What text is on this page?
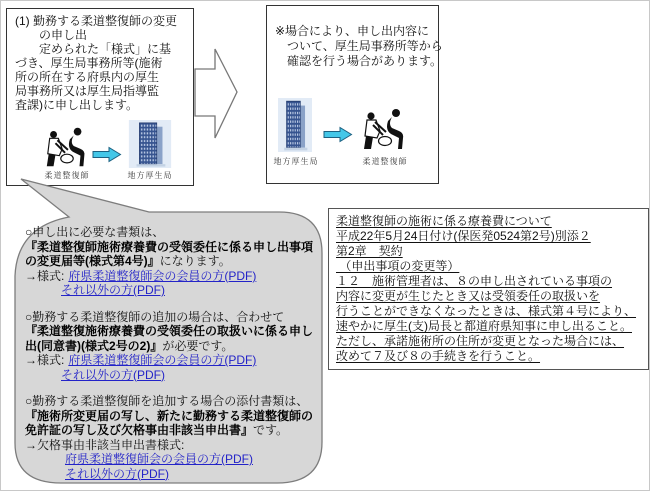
(1) 勤務する柔道整復師の変更
　　の申し出
　　定められた「様式」に基
づき、厚生局事務所等(施術
所の所在する府県内の厚生
局事務所又は厚生局指導監
査課)に申し出します。
柔道整復師	地方厚生局
※場合により、申し出内容に
　ついて、厚生局事務所等から
　確認を行う場合があります。
地方厚生局	柔道整復師
○申し出に必要な書類は、
『柔道整復師施術療養費の受領委任に係る申し出事項
の変更届等(様式第4号)』になります。
→様式: 府県柔道整復師会の会員の方(PDF)
それ以外の方(PDF)
○勤務する柔道整復師の追加の場合は、合わせて
『柔道整復施術療養費の受領委任の取扱いに係る申し
出(同意書)(様式2号の2)』が必要です。
→様式: 府県柔道整復師会の会員の方(PDF)
それ以外の方(PDF)
○勤務する柔道整復師を追加する場合の添付書類は、
『施術所変更届の写し、新たに勤務する柔道整復師の
免許証の写し及び欠格事由非該当申出書』です。
→欠格事由非該当申出書様式:
府県柔道整復師会の会員の方(PDF)
それ以外の方(PDF)
柔道整復師の施術に係る療養費について
平成22年5月24日付け(保医発0524第2号)別添２
第2章　契約
（申出事項の変更等）
１２　施術管理者は、８の申し出されている事項の
内容に変更が生じたとき又は受領委任の取扱いを
行うことができなくなったときは、様式第４号により、
速やかに厚生(支)局長と都道府県知事に申し出ること。
ただし、承諾施術所の住所が変更となった場合には、
改めて７及び８の手続きを行うこと。
